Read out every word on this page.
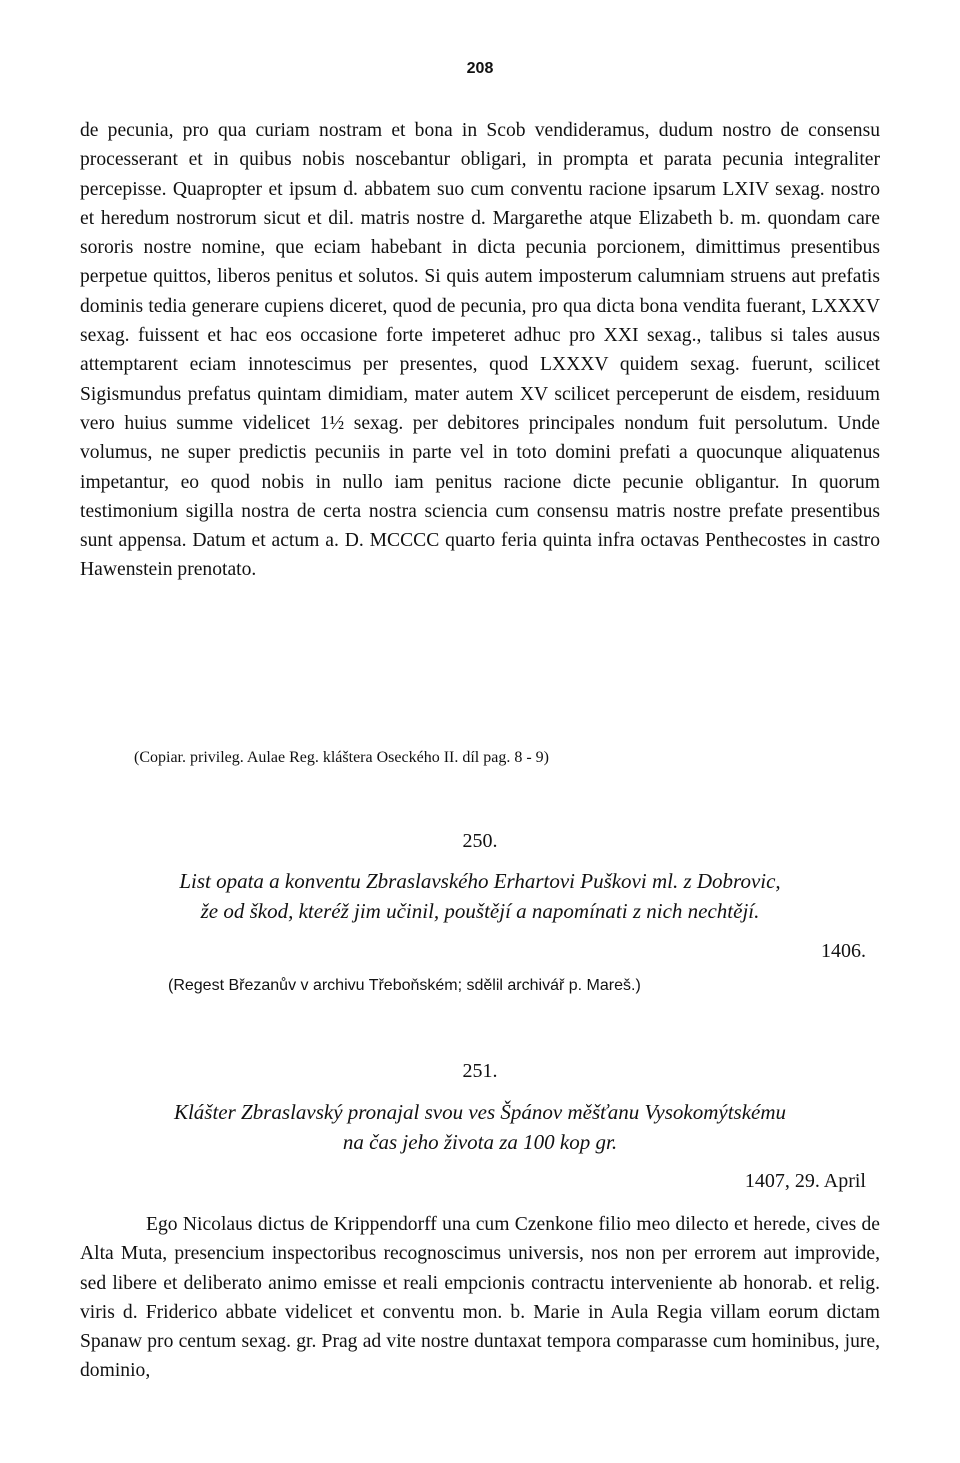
208

de pecunia, pro qua curiam nostram et bona in Scob vendideramus, dudum nostro de consensu processerant et in quibus nobis noscebantur obligari, in prompta et parata pecunia integraliter percepisse. Quapropter et ipsum d. abbatem suo cum conventu racione ipsarum LXIV sexag. nostro et heredum nostrorum sicut et dil. matris nostre d. Margarethe atque Elizabeth b. m. quondam care sororis nostre nomine, que eciam habebant in dicta pecunia porcionem, dimittimus presentibus perpetue quittos, liberos penitus et solutos. Si quis autem imposterum calumniam struens aut prefatis dominis tedia generare cupiens diceret, quod de pecunia, pro qua dicta bona vendita fuerant, LXXXV sexag. fuissent et hac eos occasione forte impeteret adhuc pro XXI sexag., talibus si tales ausus attemptarent eciam innotescimus per presentes, quod LXXXV quidem sexag. fuerunt, scilicet Sigismundus prefatus quintam dimidiam, mater autem XV scilicet perceperunt de eisdem, residuum vero huius summe videlicet 1½ sexag. per debitores principales nondum fuit persolutum. Unde volumus, ne super predictis pecuniis in parte vel in toto domini prefati a quocunque aliquatenus impetantur, eo quod nobis in nullo iam penitus racione dicte pecunie obligantur. In quorum testimonium sigilla nostra de certa nostra sciencia cum consensu matris nostre prefate presentibus sunt appensa. Datum et actum a. D. MCCCC quarto feria quinta infra octavas Penthecostes in castro Hawenstein prenotato.

(Copiar. privileg. Aulae Reg. kláštera Oseckého II. díl pag. 8 - 9)
250.
List opata a konventu Zbraslavského Erhartovi Puškovi ml. z Dobrovic,
že od škod, kteréž jim učinil, pouštějí a napomínati z nich nechtějí.
1406.
(Regest Březanův v archivu Třeboňském; sdělil archivář p. Mareš.)
251.
Klášter Zbraslavský pronajal svou ves Špánov měšťanu Vysokomýtskému
na čas jeho života za 100 kop gr.
1407, 29. April

Ego Nicolaus dictus de Krippendorff una cum Czenkone filio meo dilecto et herede, cives de Alta Muta, presencium inspectoribus recognoscimus universis, nos non per errorem aut improvide, sed libere et deliberato animo emisse et reali empcionis contractu interveniente ab honorab. et relig. viris d. Friderico abbate videlicet et conventu mon. b. Marie in Aula Regia villam eorum dictam Spanaw pro centum sexag. gr. Prag ad vite nostre duntaxat tempora comparasse cum hominibus, jure, dominio,
